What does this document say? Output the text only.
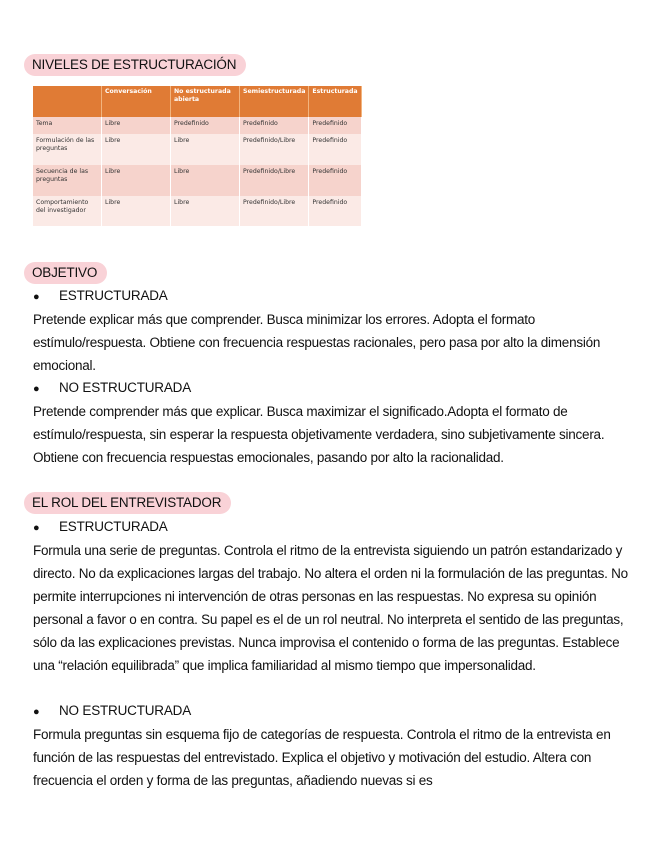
NIVELES DE ESTRUCTURACIÓN
	Conversación	No estructurada abierta	Semiestructurada	Estructurada
Tema	Libre	Predefinido	Predefinido	Predefinido
Formulación de las preguntas	Libre	Libre	Predefinido/Libre	Predefinido
Secuencia de las preguntas	Libre	Libre	Predefinido/Libre	Predefinido
Comportamiento del investigador	Libre	Libre	Predefinido/Libre	Predefinido
OBJETIVO
● ESTRUCTURADA

Pretende explicar más que comprender. Busca minimizar los errores. Adopta el formato estímulo/respuesta. Obtiene con frecuencia respuestas racionales, pero pasa por alto la dimensión emocional.

● NO ESTRUCTURADA

Pretende comprender más que explicar. Busca maximizar el significado.Adopta el formato de estímulo/respuesta, sin esperar la respuesta objetivamente verdadera, sino subjetivamente sincera. Obtiene con frecuencia respuestas emocionales, pasando por alto la racionalidad.

EL ROL DEL ENTREVISTADOR
● ESTRUCTURADA

Formula una serie de preguntas. Controla el ritmo de la entrevista siguiendo un patrón estandarizado y directo. No da explicaciones largas del trabajo. No altera el orden ni la formulación de las preguntas. No permite interrupciones ni intervención de otras personas en las respuestas. No expresa su opinión personal a favor o en contra. Su papel es el de un rol neutral. No interpreta el sentido de las preguntas, sólo da las explicaciones previstas. Nunca improvisa el contenido o forma de las preguntas. Establece una “relación equilibrada” que implica familiaridad al mismo tiempo que impersonalidad.

● NO ESTRUCTURADA

Formula preguntas sin esquema fijo de categorías de respuesta. Controla el ritmo de la entrevista en función de las respuestas del entrevistado. Explica el objetivo y motivación del estudio. Altera con frecuencia el orden y forma de las preguntas, añadiendo nuevas si es
